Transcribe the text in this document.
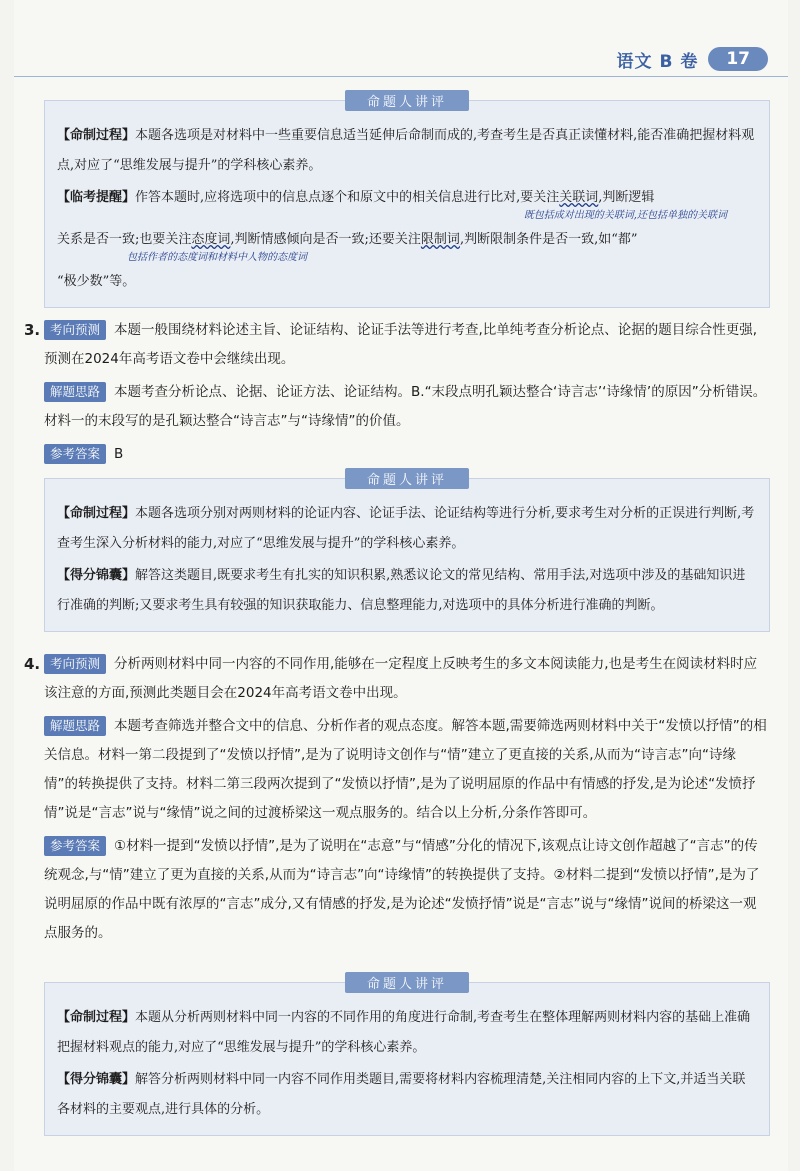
语文 B 卷	17
命题人讲评

【命制过程】本题各选项是对材料中一些重要信息适当延伸后命制而成的,考查考生是否真正读懂材料,能否准确把握材料观点,对应了“思维发展与提升”的学科核心素养。

【临考提醒】作答本题时,应将选项中的信息点逐个和原文中的相关信息进行比对,要关注关联词,判断逻辑
既包括成对出现的关联词,还包括单独的关联词
关系是否一致;也要关注态度词,判断情感倾向是否一致;还要关注限制词,判断限制条件是否一致,如“都”
包括作者的态度词和材料中人物的态度词
“极少数”等。

3. 考向预测 本题一般围绕材料论述主旨、论证结构、论证手法等进行考查,比单纯考查分析论点、论据的题目综合性更强,预测在2024年高考语文卷中会继续出现。

解题思路 本题考查分析论点、论据、论证方法、论证结构。B.“末段点明孔颖达整合‘诗言志’‘诗缘情’的原因”分析错误。材料一的末段写的是孔颖达整合“诗言志”与“诗缘情”的价值。

参考答案 B

命题人讲评

【命制过程】本题各选项分别对两则材料的论证内容、论证手法、论证结构等进行分析,要求考生对分析的正误进行判断,考查考生深入分析材料的能力,对应了“思维发展与提升”的学科核心素养。

【得分锦囊】解答这类题目,既要求考生有扎实的知识积累,熟悉议论文的常见结构、常用手法,对选项中涉及的基础知识进行准确的判断;又要求考生具有较强的知识获取能力、信息整理能力,对选项中的具体分析进行准确的判断。

4. 考向预测 分析两则材料中同一内容的不同作用,能够在一定程度上反映考生的多文本阅读能力,也是考生在阅读材料时应该注意的方面,预测此类题目会在2024年高考语文卷中出现。

解题思路 本题考查筛选并整合文中的信息、分析作者的观点态度。解答本题,需要筛选两则材料中关于“发愤以抒情”的相关信息。材料一第二段提到了“发愤以抒情”,是为了说明诗文创作与“情”建立了更直接的关系,从而为“诗言志”向“诗缘情”的转换提供了支持。材料二第三段两次提到了“发愤以抒情”,是为了说明屈原的作品中有情感的抒发,是为论述“发愤抒情”说是“言志”说与“缘情”说之间的过渡桥梁这一观点服务的。结合以上分析,分条作答即可。

参考答案 ①材料一提到“发愤以抒情”,是为了说明在“志意”与“情感”分化的情况下,该观点让诗文创作超越了“言志”的传统观念,与“情”建立了更为直接的关系,从而为“诗言志”向“诗缘情”的转换提供了支持。②材料二提到“发愤以抒情”,是为了说明屈原的作品中既有浓厚的“言志”成分,又有情感的抒发,是为论述“发愤抒情”说是“言志”说与“缘情”说间的桥梁这一观点服务的。

命题人讲评

【命制过程】本题从分析两则材料中同一内容的不同作用的角度进行命制,考查考生在整体理解两则材料内容的基础上准确把握材料观点的能力,对应了“思维发展与提升”的学科核心素养。

【得分锦囊】解答分析两则材料中同一内容不同作用类题目,需要将材料内容梳理清楚,关注相同内容的上下文,并适当关联各材料的主要观点,进行具体的分析。
